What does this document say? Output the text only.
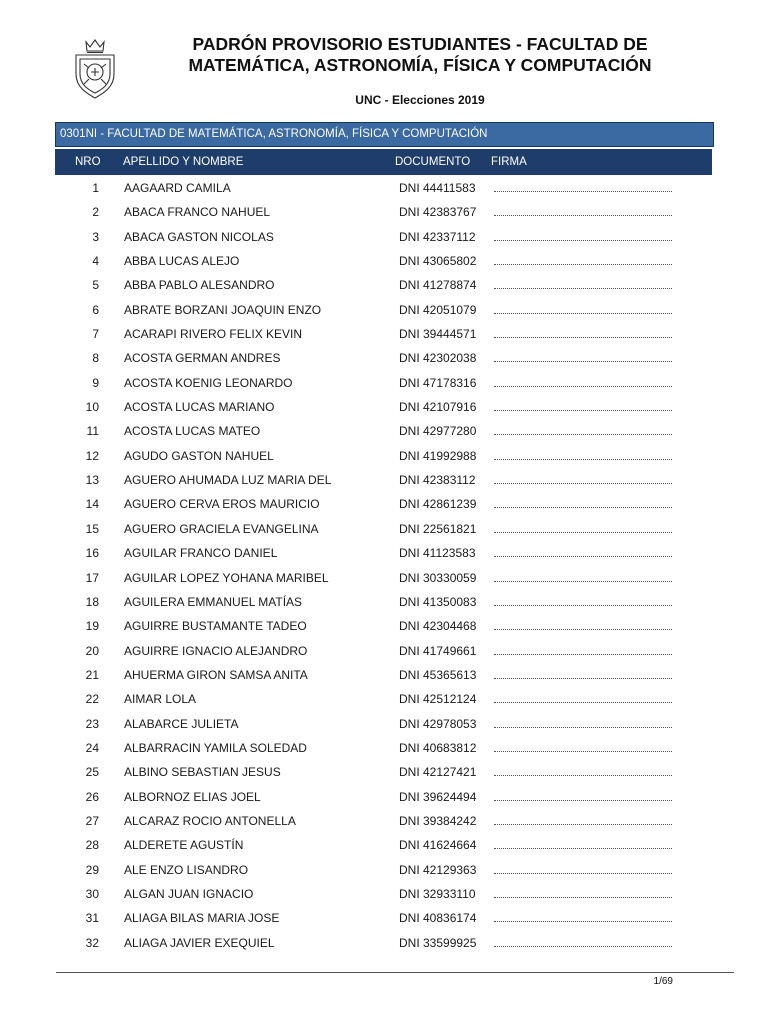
PADRÓN PROVISORIO ESTUDIANTES - FACULTAD DE
MATEMÁTICA, ASTRONOMÍA, FÍSICA Y COMPUTACIÓN
UNC - Elecciones 2019
0301NI - FACULTAD DE MATEMÁTICA, ASTRONOMÍA, FÍSICA Y COMPUTACIÓN
NRO APELLIDO Y NOMBRE	DOCUMENTO FIRMA
1 AAGAARD CAMILA	DNI 44411583
2 ABACA FRANCO NAHUEL	DNI 42383767
3 ABACA GASTON NICOLAS	DNI 42337112
4 ABBA LUCAS ALEJO	DNI 43065802
5 ABBA PABLO ALESANDRO	DNI 41278874
6 ABRATE BORZANI JOAQUIN ENZO	DNI 42051079
7 ACARAPI RIVERO FELIX KEVIN	DNI 39444571
8 ACOSTA GERMAN ANDRES	DNI 42302038
9 ACOSTA KOENIG LEONARDO	DNI 47178316
10 ACOSTA LUCAS MARIANO	DNI 42107916
11 ACOSTA LUCAS MATEO	DNI 42977280
12 AGUDO GASTON NAHUEL	DNI 41992988
13 AGUERO AHUMADA LUZ MARIA DEL	DNI 42383112
14 AGUERO CERVA EROS MAURICIO	DNI 42861239
15 AGUERO GRACIELA EVANGELINA	DNI 22561821
16 AGUILAR FRANCO DANIEL	DNI 41123583
17 AGUILAR LOPEZ YOHANA MARIBEL	DNI 30330059
18 AGUILERA EMMANUEL MATÍAS	DNI 41350083
19 AGUIRRE BUSTAMANTE TADEO	DNI 42304468
20 AGUIRRE IGNACIO ALEJANDRO	DNI 41749661
21 AHUERMA GIRON SAMSA ANITA	DNI 45365613
22 AIMAR LOLA	DNI 42512124
23 ALABARCE JULIETA	DNI 42978053
24 ALBARRACIN YAMILA SOLEDAD	DNI 40683812
25 ALBINO SEBASTIAN JESUS	DNI 42127421
26 ALBORNOZ ELIAS JOEL	DNI 39624494
27 ALCARAZ ROCIO ANTONELLA	DNI 39384242
28 ALDERETE AGUSTÍN	DNI 41624664
29 ALE ENZO LISANDRO	DNI 42129363
30 ALGAN JUAN IGNACIO	DNI 32933110
31 ALIAGA BILAS MARIA JOSE	DNI 40836174
32 ALIAGA JAVIER EXEQUIEL	DNI 33599925
1/69
